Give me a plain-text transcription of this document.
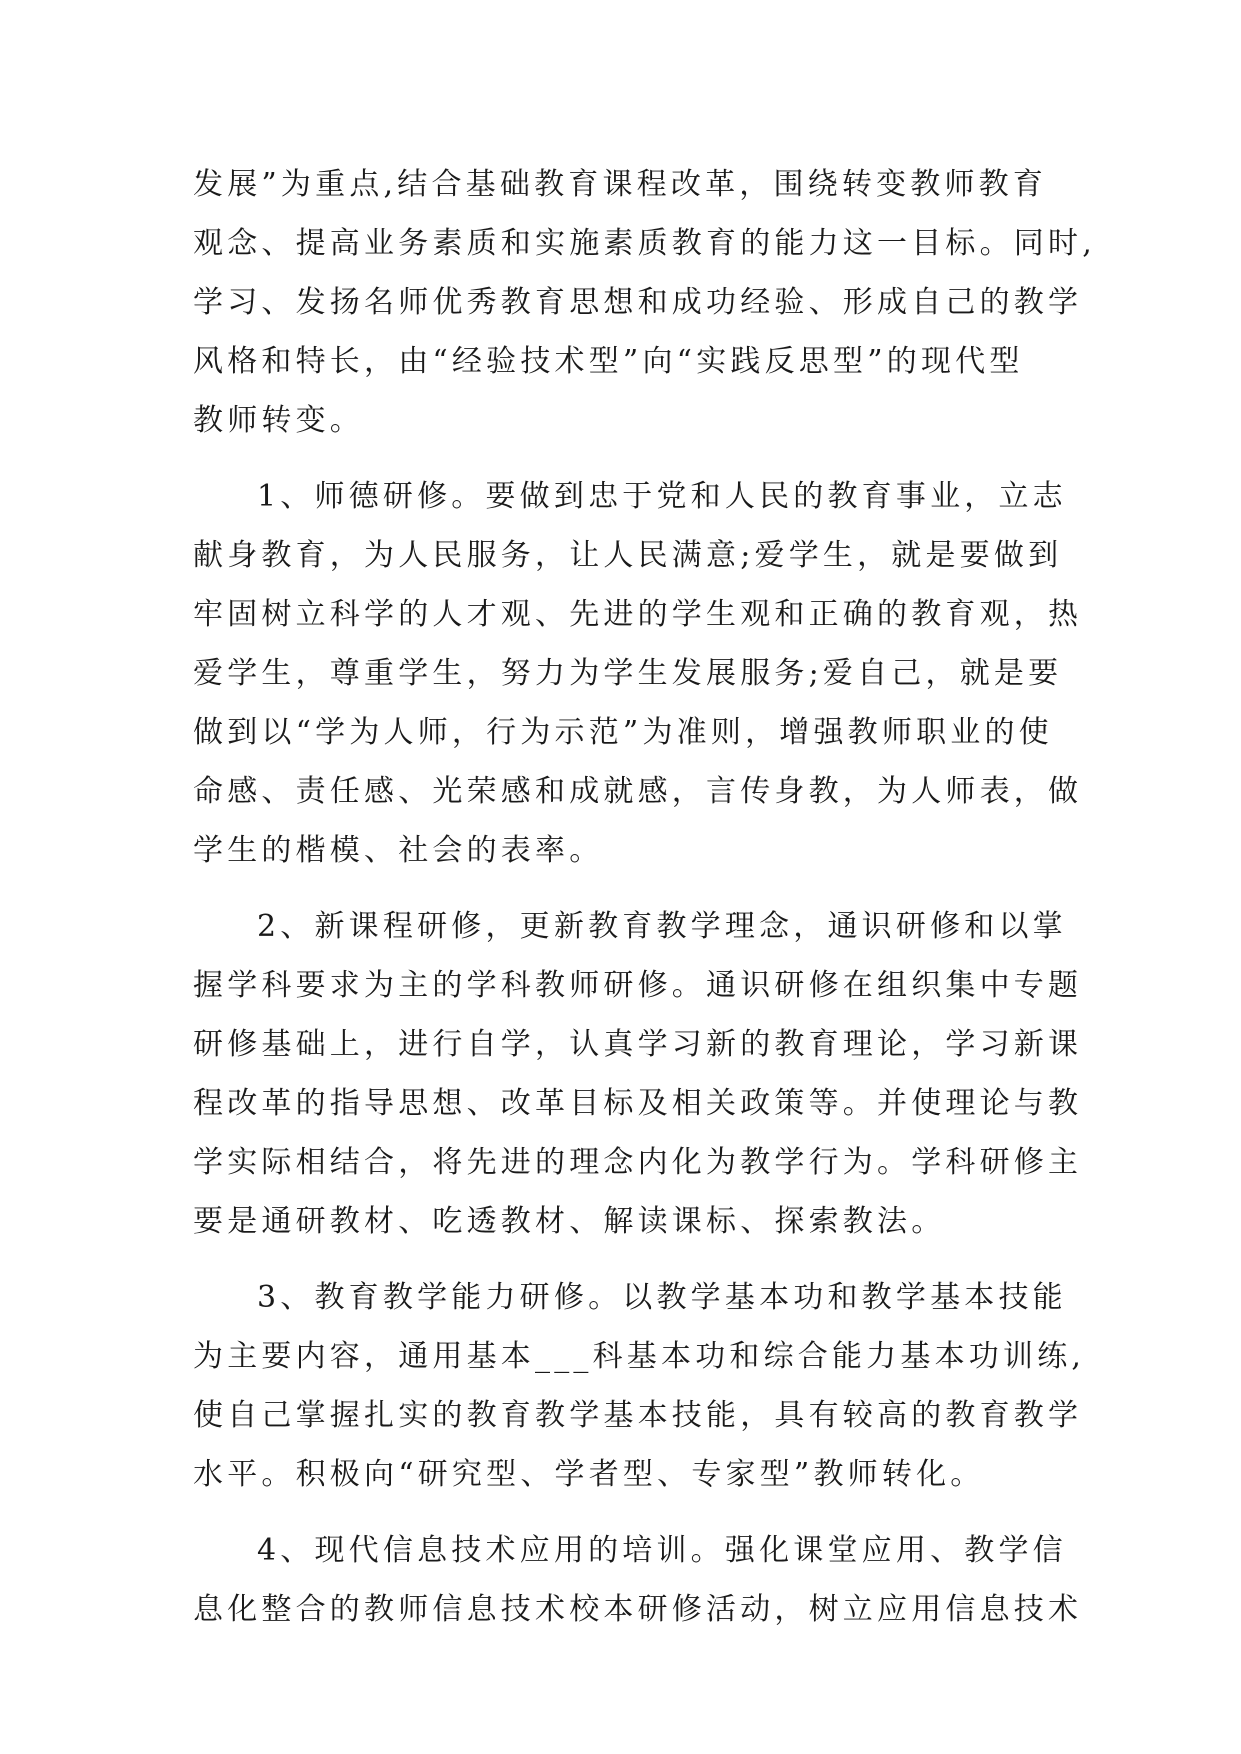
发展”为重点,结合基础教育课程改革，围绕转变教师教育
观念、提高业务素质和实施素质教育的能力这一目标。同时,
学习、发扬名师优秀教育思想和成功经验、形成自己的教学
风格和特长，由“经验技术型”向“实践反思型”的现代型
教师转变。
1、师德研修。要做到忠于党和人民的教育事业，立志
献身教育，为人民服务，让人民满意;爱学生，就是要做到
牢固树立科学的人才观、先进的学生观和正确的教育观，热
爱学生，尊重学生，努力为学生发展服务;爱自己，就是要
做到以“学为人师，行为示范”为准则，增强教师职业的使
命感、责任感、光荣感和成就感，言传身教，为人师表，做
学生的楷模、社会的表率。
2、新课程研修，更新教育教学理念，通识研修和以掌
握学科要求为主的学科教师研修。通识研修在组织集中专题
研修基础上，进行自学，认真学习新的教育理论，学习新课
程改革的指导思想、改革目标及相关政策等。并使理论与教
学实际相结合，将先进的理念内化为教学行为。学科研修主
要是通研教材、吃透教材、解读课标、探索教法。
3、教育教学能力研修。以教学基本功和教学基本技能
为主要内容，通用基本___科基本功和综合能力基本功训练,
使自己掌握扎实的教育教学基本技能，具有较高的教育教学
水平。积极向“研究型、学者型、专家型”教师转化。
4、现代信息技术应用的培训。强化课堂应用、教学信
息化整合的教师信息技术校本研修活动，树立应用信息技术
